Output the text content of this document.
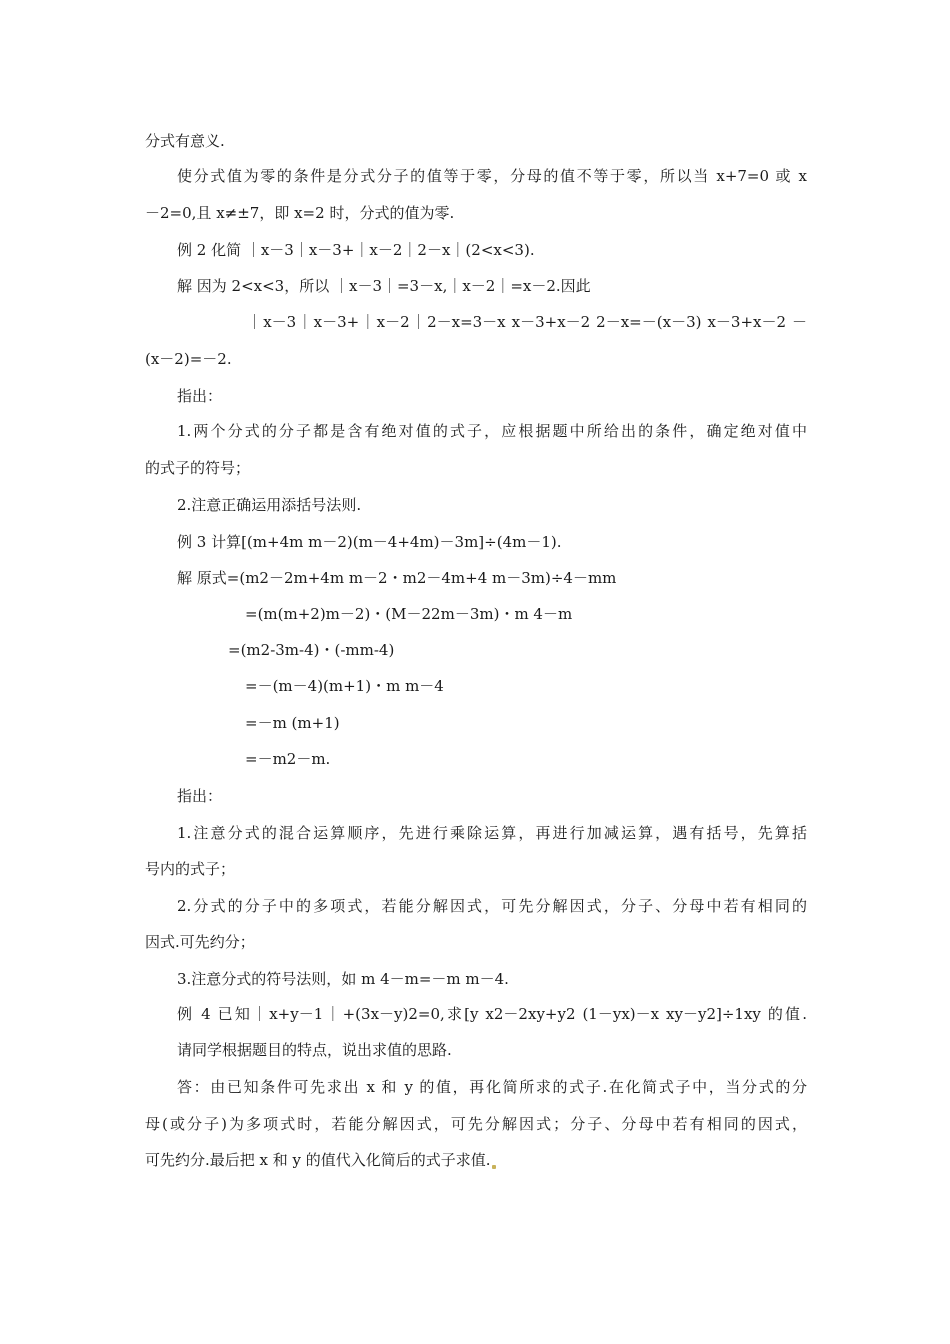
分式有意义.
使分式值为零的条件是分式分子的值等于零，分母的值不等于零，所以当 x+7=0 或 x
－2=0,且 x≠±7，即 x=2 时，分式的值为零.
例 2 化简 ｜x－3｜x－3+｜x－2｜2－x｜(2<x<3).
解 因为 2<x<3，所以 ｜x－3｜=3－x,｜x－2｜=x－2.因此
｜x－3｜x－3+｜x－2｜2－x=3－x x－3+x－2 2－x=－(x－3) x－3+x－2 －
(x－2)=－2.
指出：
1.两个分式的分子都是含有绝对值的式子，应根据题中所给出的条件，确定绝对值中
的式子的符号；
2.注意正确运用添括号法则.
例 3 计算[(m+4m m－2)(m－4+4m)－3m]÷(4m－1).
解 原式=(m2－2m+4m m－2・m2－4m+4 m－3m)÷4－mm
=(m(m+2)m－2)・(M－22m－3m)・m 4－m
=(m2-3m-4)・(-mm-4)
=－(m－4)(m+1)・m m－4
=－m (m+1)
=－m2－m.
指出：
1.注意分式的混合运算顺序，先进行乘除运算，再进行加减运算，遇有括号，先算括
号内的式子；
2.分式的分子中的多项式，若能分解因式，可先分解因式，分子、分母中若有相同的
因式.可先约分；
3.注意分式的符号法则，如 m 4－m=－m m－4.
例 4 已知｜x+y－1｜+(3x－y)2=0,求[y x2－2xy+y2 (1－yx)－x xy－y2]÷1xy 的值.
请同学根据题目的特点，说出求值的思路.
答：由已知条件可先求出 x 和 y 的值，再化简所求的式子.在化简式子中，当分式的分
母(或分子)为多项式时，若能分解因式，可先分解因式；分子、分母中若有相同的因式，
可先约分.最后把 x 和 y 的值代入化简后的式子求值.
